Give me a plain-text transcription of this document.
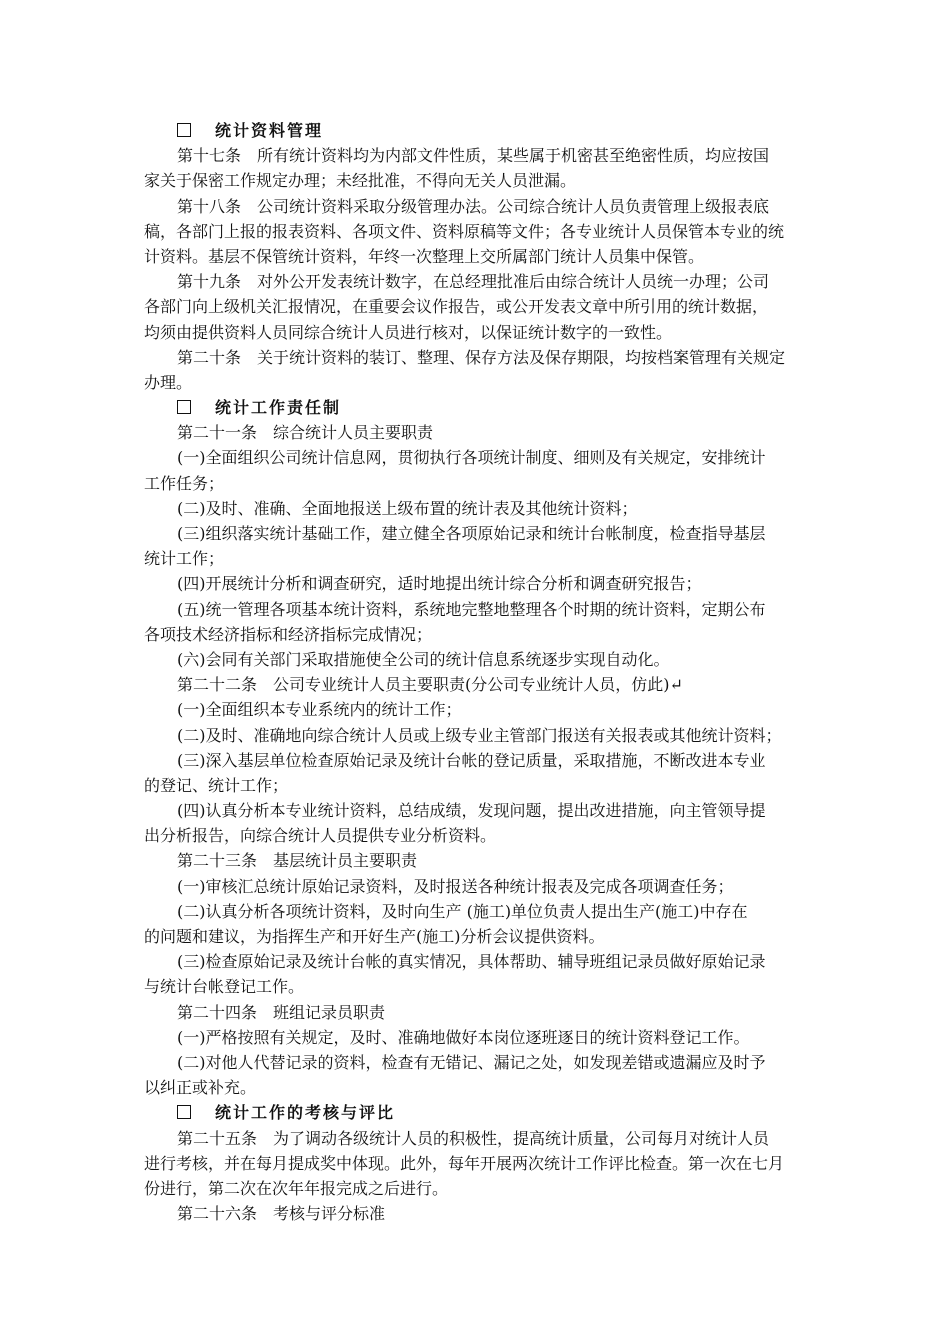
统计资料管理
第十七条　所有统计资料均为内部文件性质，某些属于机密甚至绝密性质，均应按国
家关于保密工作规定办理；未经批准，不得向无关人员泄漏。
第十八条　公司统计资料采取分级管理办法。公司综合统计人员负责管理上级报表底
稿，各部门上报的报表资料、各项文件、资料原稿等文件；各专业统计人员保管本专业的统
计资料。基层不保管统计资料，年终一次整理上交所属部门统计人员集中保管。
第十九条　对外公开发表统计数字，在总经理批准后由综合统计人员统一办理；公司
各部门向上级机关汇报情况，在重要会议作报告，或公开发表文章中所引用的统计数据，
均须由提供资料人员同综合统计人员进行核对，以保证统计数字的一致性。
第二十条　关于统计资料的装订、整理、保存方法及保存期限，均按档案管理有关规定
办理。
统计工作责任制
第二十一条　综合统计人员主要职责
(一)全面组织公司统计信息网，贯彻执行各项统计制度、细则及有关规定，安排统计
工作任务；
(二)及时、准确、全面地报送上级布置的统计表及其他统计资料；
(三)组织落实统计基础工作，建立健全各项原始记录和统计台帐制度，检查指导基层
统计工作；
(四)开展统计分析和调查研究，适时地提出统计综合分析和调查研究报告；
(五)统一管理各项基本统计资料，系统地完整地整理各个时期的统计资料，定期公布
各项技术经济指标和经济指标完成情况；
(六)会同有关部门采取措施使全公司的统计信息系统逐步实现自动化。
第二十二条　公司专业统计人员主要职责(分公司专业统计人员，仿此)↵
(一)全面组织本专业系统内的统计工作；
(二)及时、准确地向综合统计人员或上级专业主管部门报送有关报表或其他统计资料；
(三)深入基层单位检查原始记录及统计台帐的登记质量，采取措施，不断改进本专业
的登记、统计工作；
(四)认真分析本专业统计资料，总结成绩，发现问题，提出改进措施，向主管领导提
出分析报告，向综合统计人员提供专业分析资料。
第二十三条　基层统计员主要职责
(一)审核汇总统计原始记录资料，及时报送各种统计报表及完成各项调查任务；
(二)认真分析各项统计资料，及时向生产 (施工)单位负责人提出生产(施工)中存在
的问题和建议，为指挥生产和开好生产(施工)分析会议提供资料。
(三)检查原始记录及统计台帐的真实情况，具体帮助、辅导班组记录员做好原始记录
与统计台帐登记工作。
第二十四条　班组记录员职责
(一)严格按照有关规定，及时、准确地做好本岗位逐班逐日的统计资料登记工作。
(二)对他人代替记录的资料，检查有无错记、漏记之处，如发现差错或遗漏应及时予
以纠正或补充。
统计工作的考核与评比
第二十五条　为了调动各级统计人员的积极性，提高统计质量，公司每月对统计人员
进行考核，并在每月提成奖中体现。此外，每年开展两次统计工作评比检查。第一次在七月
份进行，第二次在次年年报完成之后进行。
第二十六条　考核与评分标准
